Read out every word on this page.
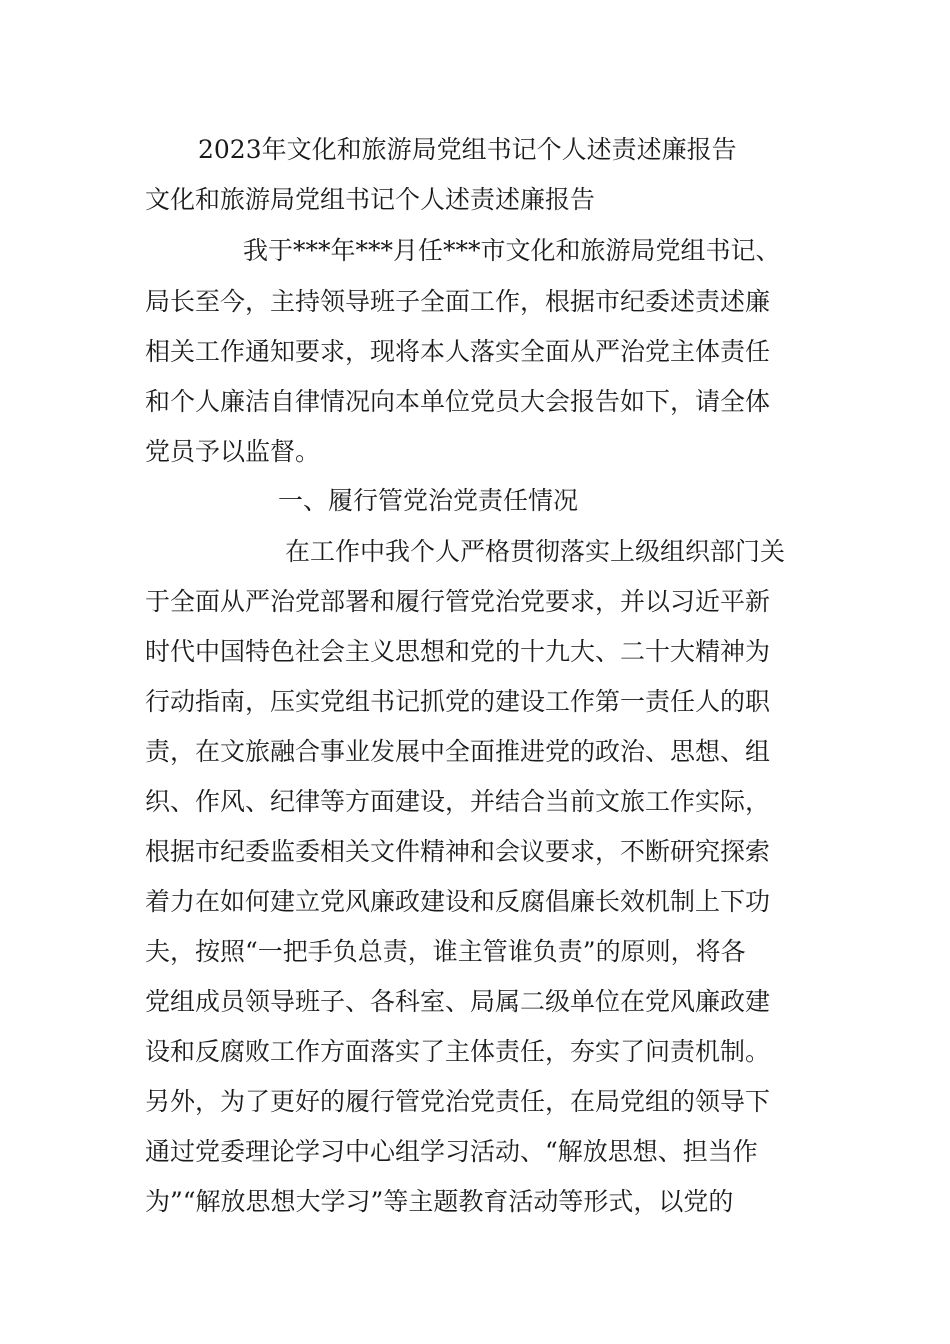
2023年文化和旅游局党组书记个人述责述廉报告
文化和旅游局党组书记个人述责述廉报告
我于***年***月任***市文化和旅游局党组书记、
局长至今，主持领导班子全面工作，根据市纪委述责述廉
相关工作通知要求，现将本人落实全面从严治党主体责任
和个人廉洁自律情况向本单位党员大会报告如下，请全体
党员予以监督。
一、履行管党治党责任情况
在工作中我个人严格贯彻落实上级组织部门关
于全面从严治党部署和履行管党治党要求，并以习近平新
时代中国特色社会主义思想和党的十九大、二十大精神为
行动指南，压实党组书记抓党的建设工作第一责任人的职
责，在文旅融合事业发展中全面推进党的政治、思想、组
织、作风、纪律等方面建设，并结合当前文旅工作实际，
根据市纪委监委相关文件精神和会议要求，不断研究探索
着力在如何建立党风廉政建设和反腐倡廉长效机制上下功
夫，按照“一把手负总责，谁主管谁负责”的原则，将各
党组成员领导班子、各科室、局属二级单位在党风廉政建
设和反腐败工作方面落实了主体责任，夯实了问责机制。
另外，为了更好的履行管党治党责任，在局党组的领导下
通过党委理论学习中心组学习活动、“解放思想、担当作
为”“解放思想大学习”等主题教育活动等形式，以党的
